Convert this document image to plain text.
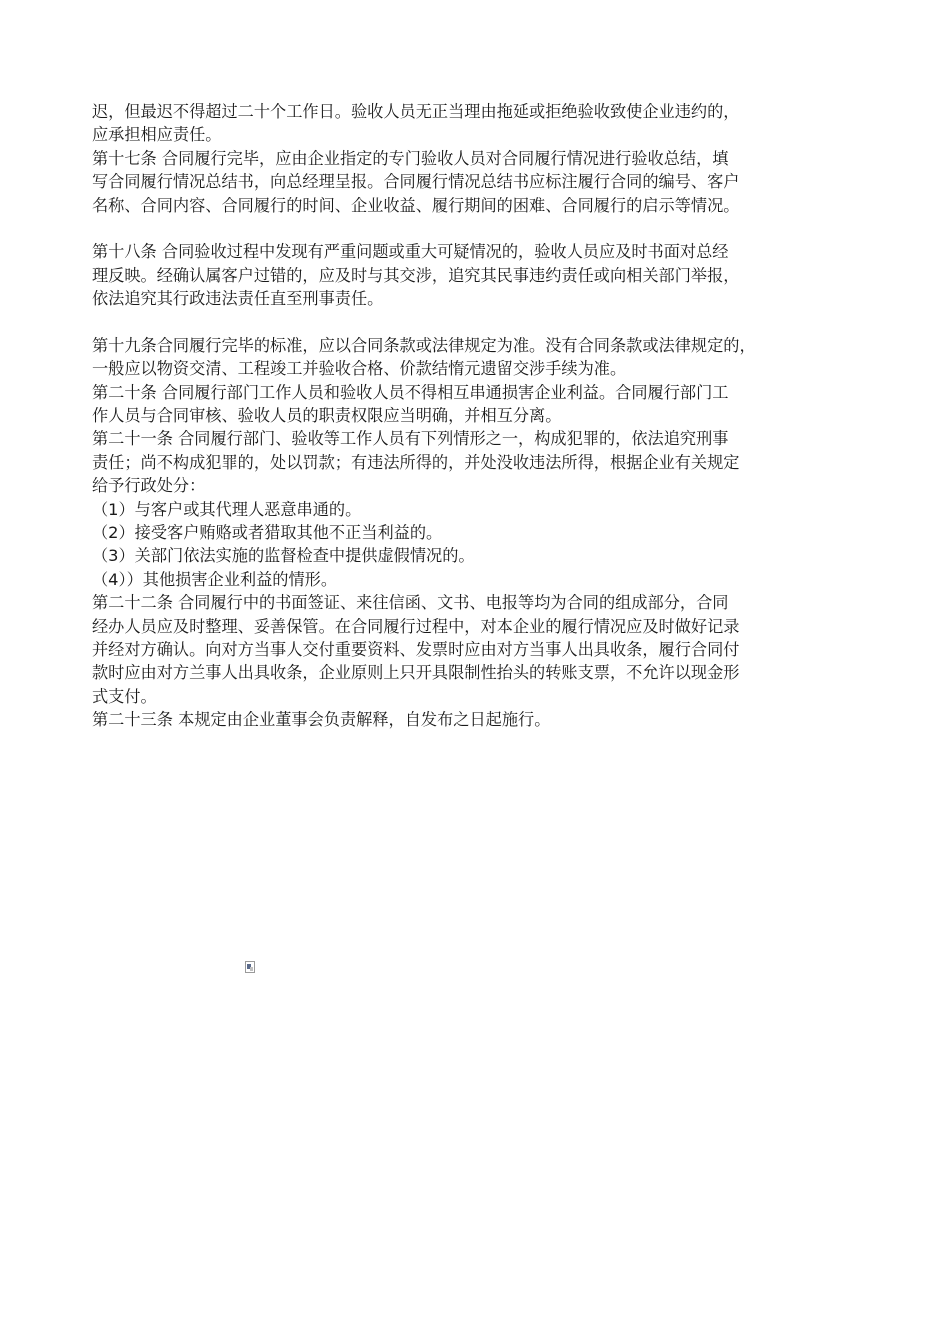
迟，但最迟不得超过二十个工作日。验收人员无正当理由拖延或拒绝验收致使企业违约的，
应承担相应责任。
第十七条 合同履行完毕，应由企业指定的专门验收人员对合同履行情况进行验收总结，填
写合同履行情况总结书，向总经理呈报。合同履行情况总结书应标注履行合同的编号、客户
名称、合同内容、合同履行的时间、企业收益、履行期间的困难、合同履行的启示等情况。
第十八条 合同验收过程中发现有严重问题或重大可疑情况的，验收人员应及时书面对总经
理反映。经确认属客户过错的，应及时与其交涉，追究其民事违约责任或向相关部门举报，
依法追究其行政违法责任直至刑事责任。
第十九条合同履行完毕的标准，应以合同条款或法律规定为准。没有合同条款或法律规定的，
一般应以物资交清、工程竣工并验收合格、价款结惰元遗留交涉手续为准。
第二十条 合同履行部门工作人员和验收人员不得相互串通损害企业利益。合同履行部门工
作人员与合同审核、验收人员的职责权限应当明确，并相互分离。
第二十一条 合同履行部门、验收等工作人员有下列情形之一，构成犯罪的，依法追究刑事
责任；尚不构成犯罪的，处以罚款；有违法所得的，并处没收违法所得，根据企业有关规定
给予行政处分：
（1）与客户或其代理人恶意串通的。
（2）接受客户贿赂或者猎取其他不正当利益的。
（3）关部门依法实施的监督检查中提供虚假情况的。
（4））其他损害企业利益的情形。
第二十二条 合同履行中的书面签证、来往信函、文书、电报等均为合同的组成部分，合同
经办人员应及时整理、妥善保管。在合同履行过程中，对本企业的履行情况应及时做好记录
并经对方确认。向对方当事人交付重要资料、发票时应由对方当事人出具收条，履行合同付
款时应由对方兰事人出具收条，企业原则上只开具限制性抬头的转账支票，不允许以现金形
式支付。
第二十三条 本规定由企业董事会负责解释，自发布之日起施行。
